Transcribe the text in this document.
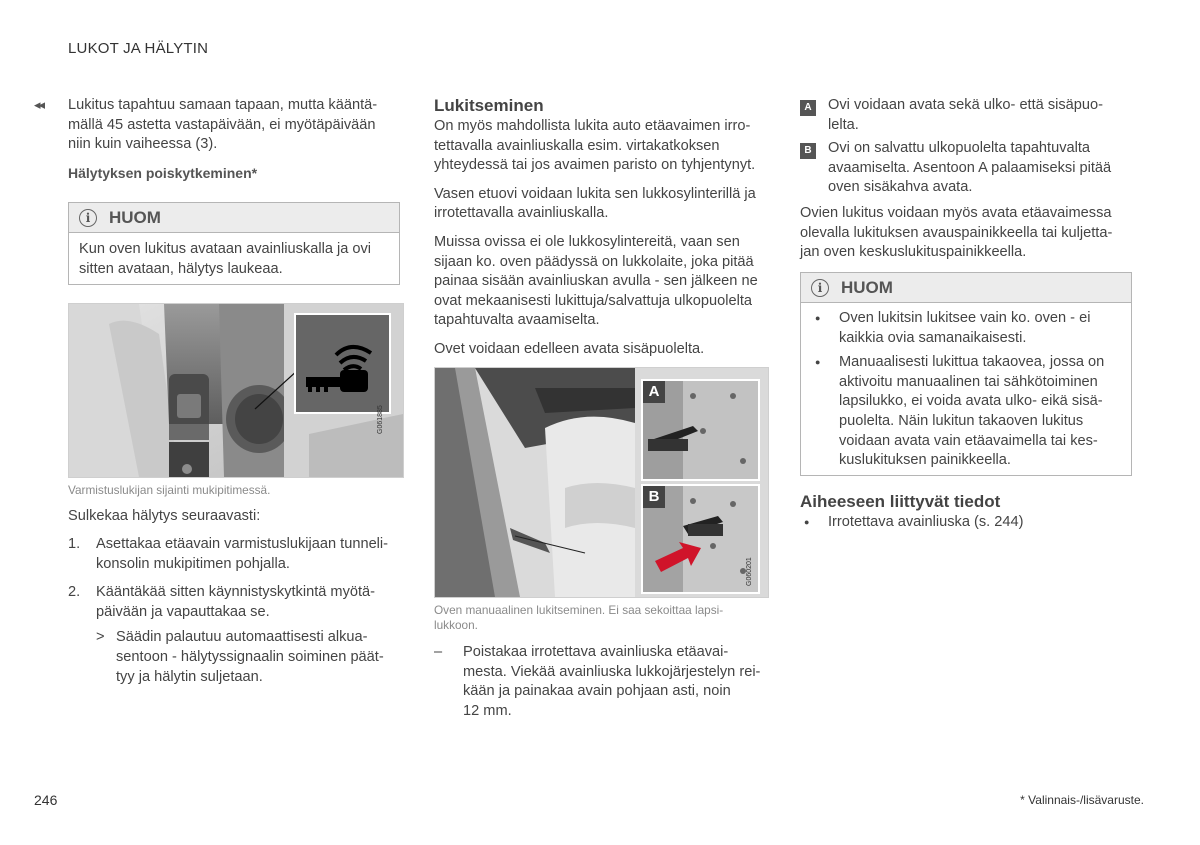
LUKOT JA HÄLYTIN
◂◂ Lukitus tapahtuu samaan tapaan, mutta kääntä-

mällä 45 astetta vastapäivään, ei myötäpäivään

niin kuin vaiheessa (3).

Hälytyksen poiskytkeminen*
i	HUOM

Kun oven lukitus avataan avainliuskalla ja ovi

sitten avataan, hälytys laukeaa.

G061885
Varmistuslukijan sijainti mukipitimessä.
Sulkekaa hälytys seuraavasti:
1.	Asettakaa etäavain varmistuslukijaan tunneli-

konsolin mukipitimen pohjalla.

2.	Kääntäkää sitten käynnistyskytkintä myötä-

päivään ja vapauttakaa se.

> Säädin palautuu automaattisesti alkua-

sentoon - hälytyssignaalin soiminen päät-

tyy ja hälytin suljetaan.

Lukitseminen

On myös mahdollista lukita auto etäavaimen irro-

tettavalla avainliuskalla esim. virtakatkoksen

yhteydessä tai jos avaimen paristo on tyhjentynyt.

Vasen etuovi voidaan lukita sen lukkosylinterillä ja

irrotettavalla avainliuskalla.

Muissa ovissa ei ole lukkosylintereitä, vaan sen

sijaan ko. oven päädyssä on lukkolaite, joka pitää

painaa sisään avainliuskan avulla - sen jälkeen ne

ovat mekaanisesti lukittuja/salvattuja ulkopuolelta

tapahtuvalta avaamiselta.

Ovet voidaan edelleen avata sisäpuolelta.

A
B
G060201

Oven manuaalinen lukitseminen. Ei saa sekoittaa lapsi-

lukkoon.

–	Poistakaa irrotettava avainliuska etäavai-

mesta. Viekää avainliuska lukkojärjestelyn rei-

kään ja painakaa avain pohjaan asti, noin

12 mm.

A	Ovi voidaan avata sekä ulko- että sisäpuo-

lelta.

B	Ovi on salvattu ulkopuolelta tapahtuvalta

avaamiselta. Asentoon A palaamiseksi pitää

oven sisäkahva avata.

Ovien lukitus voidaan myös avata etäavaimessa

olevalla lukituksen avauspainikkeella tai kuljetta-

jan oven keskuslukituspainikkeella.

i	HUOM
●	Oven lukitsin lukitsee vain ko. oven - ei

kaikkia ovia samanaikaisesti.

●	Manuaalisesti lukittua takaovea, jossa on

aktivoitu manuaalinen tai sähkötoiminen

lapsilukko, ei voida avata ulko- eikä sisä-

puolelta. Näin lukitun takaoven lukitus

voidaan avata vain etäavaimella tai kes-

kuslukituksen painikkeella.

Aiheeseen liittyvät tiedot
●	Irrotettava avainliuska (s. 244)
246	* Valinnais-/lisävaruste.
